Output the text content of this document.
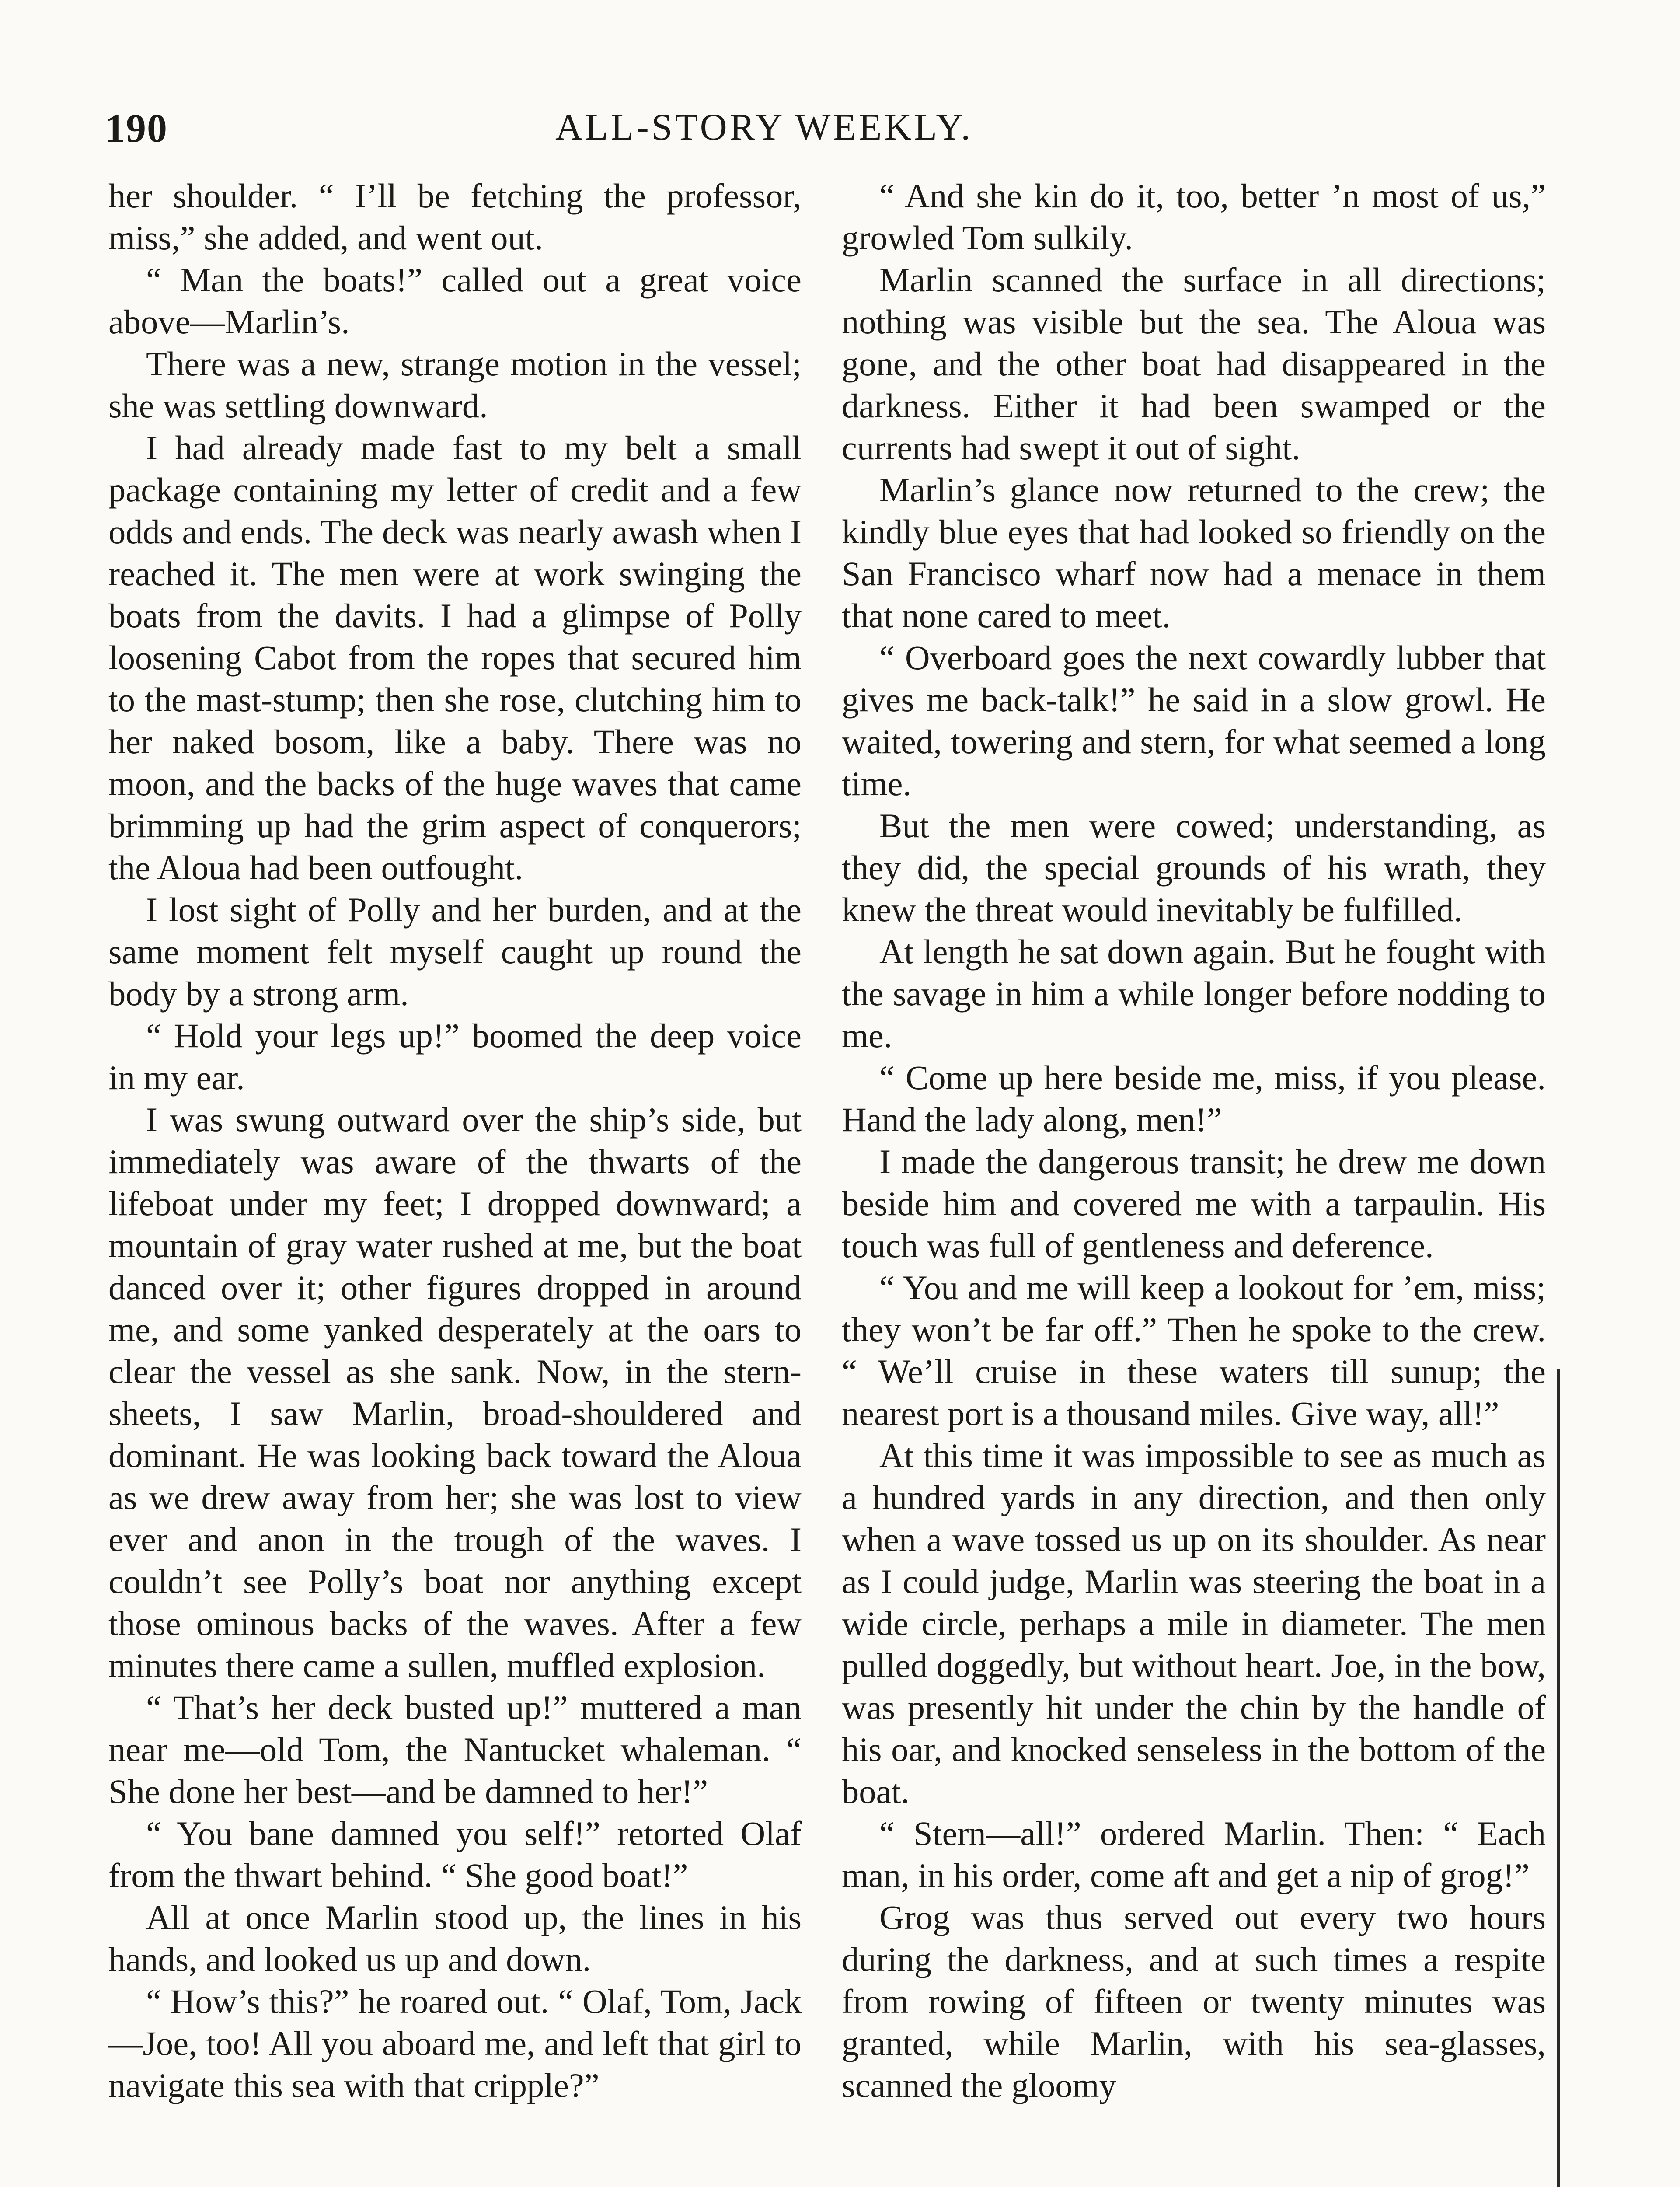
190	ALL-STORY WEEKLY.

her shoulder. “ I’ll be fetching the professor, miss,” she added, and went out.

“ Man the boats!” called out a great voice above—Marlin’s.

There was a new, strange motion in the vessel; she was settling downward.

I had already made fast to my belt a small package containing my letter of credit and a few odds and ends. The deck was nearly awash when I reached it. The men were at work swinging the boats from the davits. I had a glimpse of Polly loosening Cabot from the ropes that secured him to the mast-stump; then she rose, clutching him to her naked bosom, like a baby. There was no moon, and the backs of the huge waves that came brimming up had the grim aspect of conquerors; the Aloua had been outfought.

I lost sight of Polly and her burden, and at the same moment felt myself caught up round the body by a strong arm.

“ Hold your legs up!” boomed the deep voice in my ear.

I was swung outward over the ship’s side, but immediately was aware of the thwarts of the lifeboat under my feet; I dropped downward; a mountain of gray water rushed at me, but the boat danced over it; other figures dropped in around me, and some yanked desperately at the oars to clear the vessel as she sank. Now, in the stern-sheets, I saw Marlin, broad-shouldered and dominant. He was looking back toward the Aloua as we drew away from her; she was lost to view ever and anon in the trough of the waves. I couldn’t see Polly’s boat nor anything except those ominous backs of the waves. After a few minutes there came a sullen, muffled explosion.

“ That’s her deck busted up!” muttered a man near me—old Tom, the Nantucket whaleman. “ She done her best—and be damned to her!”

“ You bane damned you self!” retorted Olaf from the thwart behind. “ She good boat!”

All at once Marlin stood up, the lines in his hands, and looked us up and down.

“ How’s this?” he roared out. “ Olaf, Tom, Jack—Joe, too! All you aboard me, and left that girl to navigate this sea with that cripple?”

“ And she kin do it, too, better ’n most of us,” growled Tom sulkily.

Marlin scanned the surface in all directions; nothing was visible but the sea. The Aloua was gone, and the other boat had disappeared in the darkness. Either it had been swamped or the currents had swept it out of sight.

Marlin’s glance now returned to the crew; the kindly blue eyes that had looked so friendly on the San Francisco wharf now had a menace in them that none cared to meet.

“ Overboard goes the next cowardly lubber that gives me back-talk!” he said in a slow growl. He waited, towering and stern, for what seemed a long time.

But the men were cowed; understanding, as they did, the special grounds of his wrath, they knew the threat would inevitably be fulfilled.

At length he sat down again. But he fought with the savage in him a while longer before nodding to me.

“ Come up here beside me, miss, if you please. Hand the lady along, men!”

I made the dangerous transit; he drew me down beside him and covered me with a tarpaulin. His touch was full of gentleness and deference.

“ You and me will keep a lookout for ’em, miss; they won’t be far off.” Then he spoke to the crew. “ We’ll cruise in these waters till sunup; the nearest port is a thousand miles. Give way, all!”

At this time it was impossible to see as much as a hundred yards in any direction, and then only when a wave tossed us up on its shoulder. As near as I could judge, Marlin was steering the boat in a wide circle, perhaps a mile in diameter. The men pulled doggedly, but without heart. Joe, in the bow, was presently hit under the chin by the handle of his oar, and knocked senseless in the bottom of the boat.

“ Stern—all!” ordered Marlin. Then: “ Each man, in his order, come aft and get a nip of grog!”

Grog was thus served out every two hours during the darkness, and at such times a respite from rowing of fifteen or twenty minutes was granted, while Marlin, with his sea-glasses, scanned the gloomy
